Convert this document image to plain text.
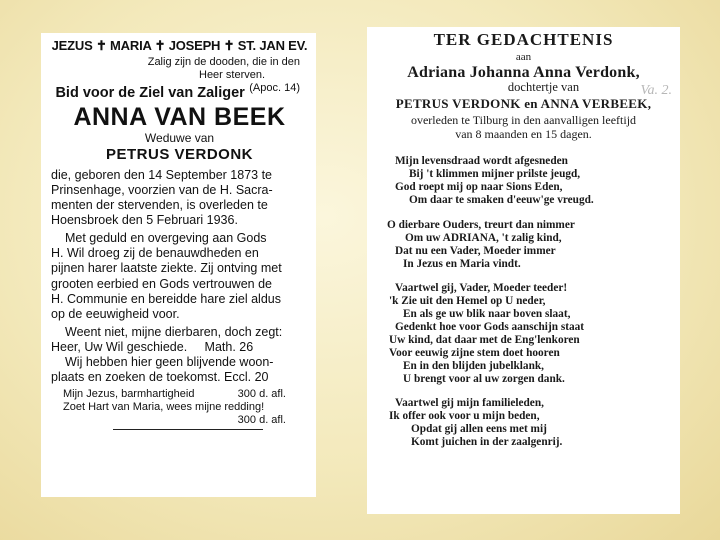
JEZUS ✝ MARIA ✝ JOSEPH ✝ ST. JAN EV.

Zalig zijn de dooden, die in den

Heer sterven.
(Apoc. 14)

Bid voor de Ziel van Zaliger

ANNA VAN BEEK

Weduwe van

PETRUS VERDONK

die, geboren den 14 September 1873 te

Prinsenhage, voorzien van de H. Sacra-

menten der stervenden, is overleden te

Hoensbroek den 5 Februari 1936.

Met geduld en overgeving aan Gods

H. Wil droeg zij de benauwdheden en

pijnen harer laatste ziekte. Zij ontving met

grooten eerbied en Gods vertrouwen de

H. Communie en bereidde hare ziel aldus

op de eeuwigheid voor.

Weent niet, mijne dierbaren, doch zegt:

Heer, Uw Wil geschiede.     Math. 26

Wij hebben hier geen blijvende woon-

plaats en zoeken de toekomst. Eccl. 20

Mijn Jezus, barmhartigheid	300 d. afl.

Zoet Hart van Maria, wees mijne redding!

300 d. afl.

Va. 2.

TER GEDACHTENIS

aan

Adriana Johanna Anna Verdonk,

dochtertje van

PETRUS VERDONK en ANNA VERBEEK,

overleden te Tilburg in den aanvalligen leeftijd

van 8 maanden en 15 dagen.

Mijn levensdraad wordt afgesneden

Bij 't klimmen mijner prilste jeugd,

God roept mij op naar Sions Eden,

Om daar te smaken d'eeuw'ge vreugd.

O dierbare Ouders, treurt dan nimmer

Om uw ADRIANA, 't zalig kind,

Dat nu een Vader, Moeder immer

In Jezus en Maria vindt.

Vaartwel gij, Vader, Moeder teeder!

'k Zie uit den Hemel op U neder,

En als ge uw blik naar boven slaat,

Gedenkt hoe voor Gods aanschijn staat

Uw kind, dat daar met de Eng'lenkoren

Voor eeuwig zijne stem doet hooren

En in den blijden jubelklank,

U brengt voor al uw zorgen dank.

Vaartwel gij mijn familieleden,

Ik offer ook voor u mijn beden,

Opdat gij allen eens met mij

Komt juichen in der zaalgenrij.
